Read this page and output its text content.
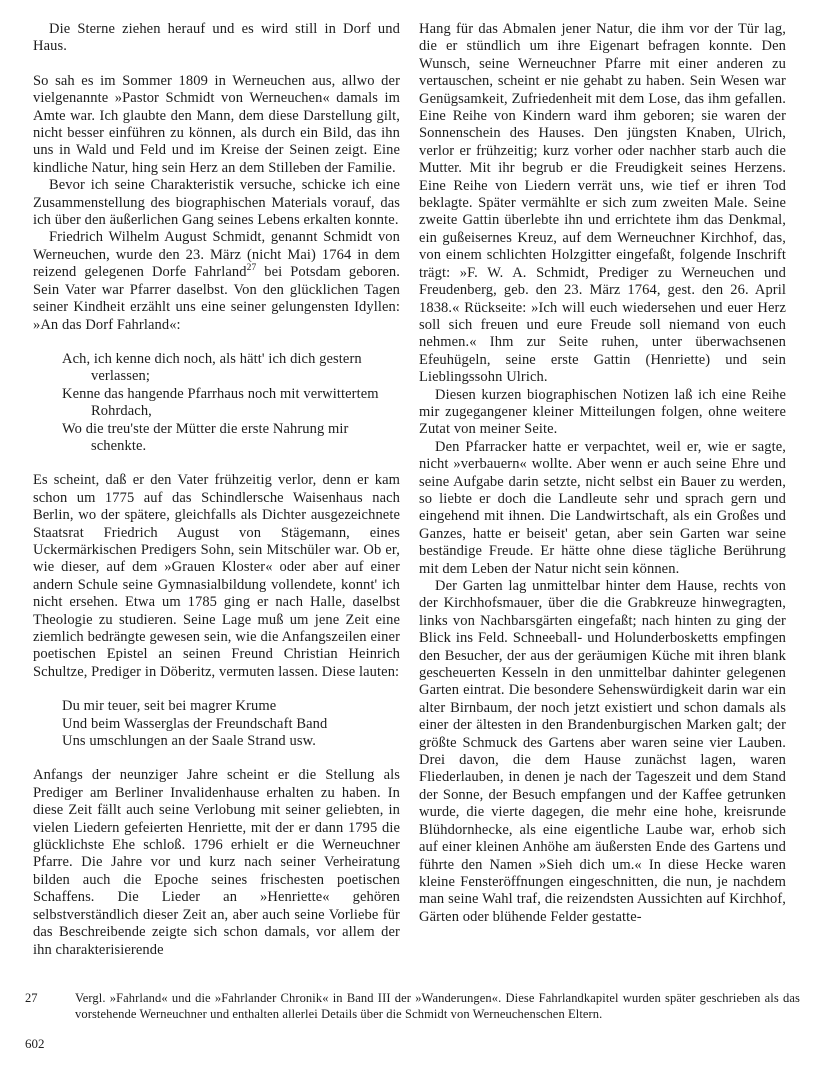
Die Sterne ziehen herauf und es wird still in Dorf und Haus.

So sah es im Sommer 1809 in Werneuchen aus, allwo der vielgenannte »Pastor Schmidt von Werneuchen« damals im Amte war. Ich glaubte den Mann, dem diese Darstellung gilt, nicht besser einführen zu können, als durch ein Bild, das ihn uns in Wald und Feld und im Kreise der Seinen zeigt. Eine kindliche Natur, hing sein Herz an dem Stilleben der Familie.

Bevor ich seine Charakteristik versuche, schicke ich eine Zusammenstellung des biographischen Materials vorauf, das ich über den äußerlichen Gang seines Lebens erkalten konnte.

Friedrich Wilhelm August Schmidt, genannt Schmidt von Werneuchen, wurde den 23. März (nicht Mai) 1764 in dem reizend gelegenen Dorfe Fahrland$^{27}$ bei Potsdam geboren. Sein Vater war Pfarrer daselbst. Von den glücklichen Tagen seiner Kindheit erzählt uns eine seiner gelungensten Idyllen: »An das Dorf Fahrland«:

Ach, ich kenne dich noch, als hätt' ich dich gestern verlassen;
Kenne das hangende Pfarrhaus noch mit verwittertem Rohrdach,
Wo die treu'ste der Mütter die erste Nahrung mir schenkte.

Es scheint, daß er den Vater frühzeitig verlor, denn er kam schon um 1775 auf das Schindlersche Waisenhaus nach Berlin, wo der spätere, gleichfalls als Dichter ausgezeichnete Staatsrat Friedrich August von Stägemann, eines Uckermärkischen Predigers Sohn, sein Mitschüler war. Ob er, wie dieser, auf dem »Grauen Kloster« oder aber auf einer andern Schule seine Gymnasialbildung vollendete, konnt' ich nicht ersehen. Etwa um 1785 ging er nach Halle, daselbst Theologie zu studieren. Seine Lage muß um jene Zeit eine ziemlich bedrängte gewesen sein, wie die Anfangszeilen einer poetischen Epistel an seinen Freund Christian Heinrich Schultze, Prediger in Döberitz, vermuten lassen. Diese lauten:

Du mir teuer, seit bei magrer Krume
Und beim Wasserglas der Freundschaft Band
Uns umschlungen an der Saale Strand usw.

Anfangs der neunziger Jahre scheint er die Stellung als Prediger am Berliner Invalidenhause erhalten zu haben. In diese Zeit fällt auch seine Verlobung mit seiner geliebten, in vielen Liedern gefeierten Henriette, mit der er dann 1795 die glücklichste Ehe schloß. 1796 erhielt er die Werneuchner Pfarre. Die Jahre vor und kurz nach seiner Verheiratung bilden auch die Epoche seines frischesten poetischen Schaffens. Die Lieder an »Henriette« gehören selbstverständlich dieser Zeit an, aber auch seine Vorliebe für das Beschreibende zeigte sich schon damals, vor allem der ihn charakterisierende

Hang für das Abmalen jener Natur, die ihm vor der Tür lag, die er stündlich um ihre Eigenart befragen konnte. Den Wunsch, seine Werneuchner Pfarre mit einer anderen zu vertauschen, scheint er nie gehabt zu haben. Sein Wesen war Genügsamkeit, Zufriedenheit mit dem Lose, das ihm gefallen. Eine Reihe von Kindern ward ihm geboren; sie waren der Sonnenschein des Hauses. Den jüngsten Knaben, Ulrich, verlor er frühzeitig; kurz vorher oder nachher starb auch die Mutter. Mit ihr begrub er die Freudigkeit seines Herzens. Eine Reihe von Liedern verrät uns, wie tief er ihren Tod beklagte. Später vermählte er sich zum zweiten Male. Seine zweite Gattin überlebte ihn und errichtete ihm das Denkmal, ein gußeisernes Kreuz, auf dem Werneuchner Kirchhof, das, von einem schlichten Holzgitter eingefaßt, folgende Inschrift trägt: »F. W. A. Schmidt, Prediger zu Werneuchen und Freudenberg, geb. den 23. März 1764, gest. den 26. April 1838.« Rückseite: »Ich will euch wiedersehen und euer Herz soll sich freuen und eure Freude soll niemand von euch nehmen.« Ihm zur Seite ruhen, unter überwachsenen Efeuhügeln, seine erste Gattin (Henriette) und sein Lieblingssohn Ulrich.

Diesen kurzen biographischen Notizen laß ich eine Reihe mir zugegangener kleiner Mitteilungen folgen, ohne weitere Zutat von meiner Seite.

Den Pfarracker hatte er verpachtet, weil er, wie er sagte, nicht »verbauern« wollte. Aber wenn er auch seine Ehre und seine Aufgabe darin setzte, nicht selbst ein Bauer zu werden, so liebte er doch die Landleute sehr und sprach gern und eingehend mit ihnen. Die Landwirtschaft, als ein Großes und Ganzes, hatte er beiseit' getan, aber sein Garten war seine beständige Freude. Er hätte ohne diese tägliche Berührung mit dem Leben der Natur nicht sein können.

Der Garten lag unmittelbar hinter dem Hause, rechts von der Kirchhofsmauer, über die die Grabkreuze hinwegragten, links von Nachbarsgärten eingefaßt; nach hinten zu ging der Blick ins Feld. Schneeball- und Holunderbosketts empfingen den Besucher, der aus der geräumigen Küche mit ihren blank gescheuerten Kesseln in den unmittelbar dahinter gelegenen Garten eintrat. Die besondere Sehenswürdigkeit darin war ein alter Birnbaum, der noch jetzt existiert und schon damals als einer der ältesten in den Brandenburgischen Marken galt; der größte Schmuck des Gartens aber waren seine vier Lauben. Drei davon, die dem Hause zunächst lagen, waren Fliederlauben, in denen je nach der Tageszeit und dem Stand der Sonne, der Besuch empfangen und der Kaffee getrunken wurde, die vierte dagegen, die mehr eine hohe, kreisrunde Blühdornhecke, als eine eigentliche Laube war, erhob sich auf einer kleinen Anhöhe am äußersten Ende des Gartens und führte den Namen »Sieh dich um.« In diese Hecke waren kleine Fensteröffnungen eingeschnitten, die nun, je nachdem man seine Wahl traf, die reizendsten Aussichten auf Kirchhof, Gärten oder blühende Felder gestatte-

27	Vergl. »Fahrland« und die »Fahrlander Chronik« in Band III der »Wanderungen«. Diese Fahrlandkapitel wurden später geschrieben als das vorstehende Werneuchner und enthalten allerlei Details über die Schmidt von Werneuchenschen Eltern.
602
